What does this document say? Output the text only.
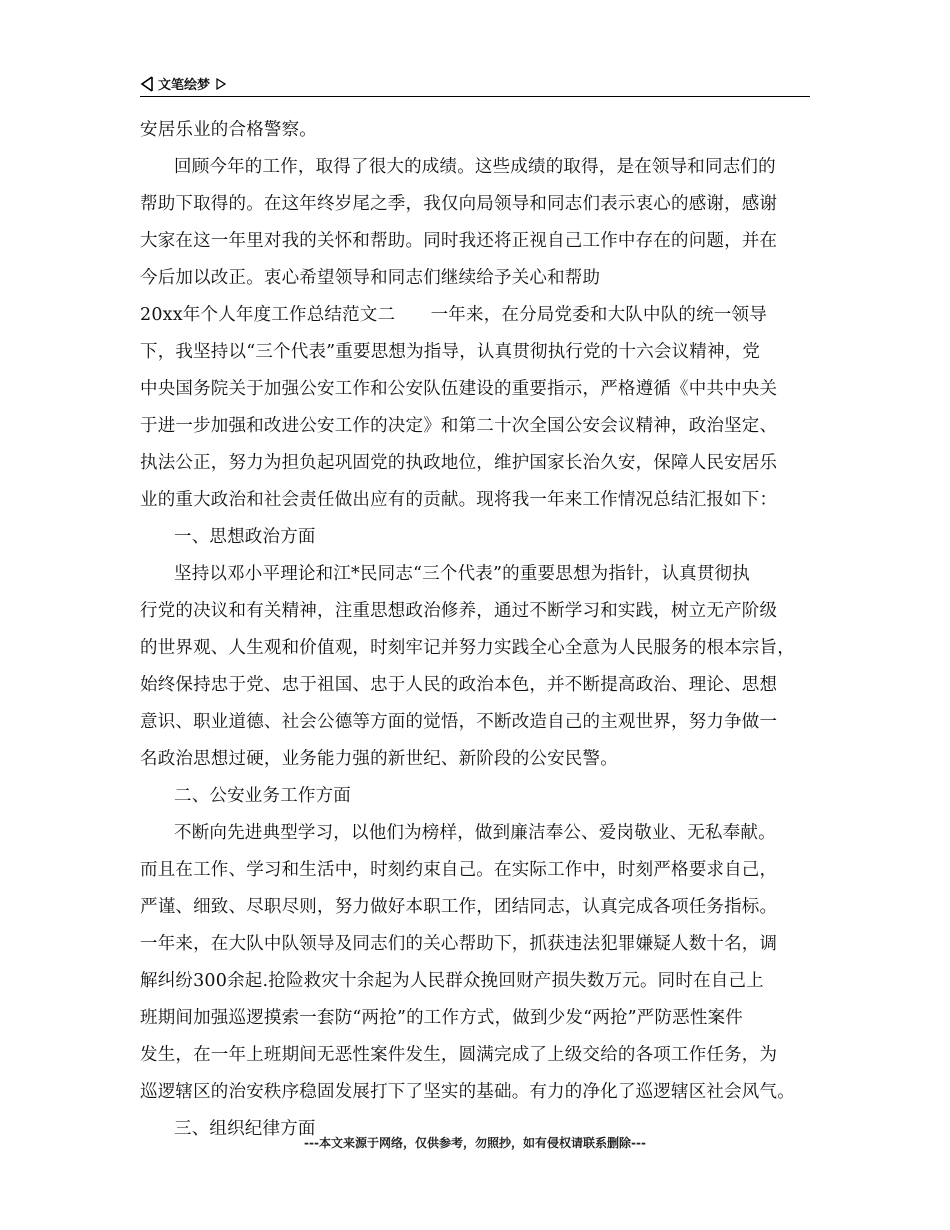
文笔绘梦
安居乐业的合格警察。
回顾今年的工作，取得了很大的成绩。这些成绩的取得，是在领导和同志们的
帮助下取得的。在这年终岁尾之季，我仅向局领导和同志们表示衷心的感谢，感谢
大家在这一年里对我的关怀和帮助。同时我还将正视自己工作中存在的问题，并在
今后加以改正。衷心希望领导和同志们继续给予关心和帮助
20xx年个人年度工作总结范文二　　一年来，在分局党委和大队中队的统一领导
下，我坚持以“三个代表”重要思想为指导，认真贯彻执行党的十六会议精神，党
中央国务院关于加强公安工作和公安队伍建设的重要指示，严格遵循《中共中央关
于进一步加强和改进公安工作的决定》和第二十次全国公安会议精神，政治坚定、
执法公正，努力为担负起巩固党的执政地位，维护国家长治久安，保障人民安居乐
业的重大政治和社会责任做出应有的贡献。现将我一年来工作情况总结汇报如下：
一、思想政治方面
坚持以邓小平理论和江*民同志“三个代表”的重要思想为指针，认真贯彻执
行党的决议和有关精神，注重思想政治修养，通过不断学习和实践，树立无产阶级
的世界观、人生观和价值观，时刻牢记并努力实践全心全意为人民服务的根本宗旨，
始终保持忠于党、忠于祖国、忠于人民的政治本色，并不断提高政治、理论、思想
意识、职业道德、社会公德等方面的觉悟，不断改造自己的主观世界，努力争做一
名政治思想过硬，业务能力强的新世纪、新阶段的公安民警。
二、公安业务工作方面
不断向先进典型学习，以他们为榜样，做到廉洁奉公、爱岗敬业、无私奉献。
而且在工作、学习和生活中，时刻约束自己。在实际工作中，时刻严格要求自己，
严谨、细致、尽职尽则，努力做好本职工作，团结同志，认真完成各项任务指标。
一年来，在大队中队领导及同志们的关心帮助下，抓获违法犯罪嫌疑人数十名，调
解纠纷300余起.抢险救灾十余起为人民群众挽回财产损失数万元。同时在自己上
班期间加强巡逻摸索一套防“两抢”的工作方式，做到少发“两抢”严防恶性案件
发生，在一年上班期间无恶性案件发生，圆满完成了上级交给的各项工作任务，为
巡逻辖区的治安秩序稳固发展打下了坚实的基础。有力的净化了巡逻辖区社会风气。
三、组织纪律方面
---本文来源于网络，仅供参考，勿照抄，如有侵权请联系删除---
